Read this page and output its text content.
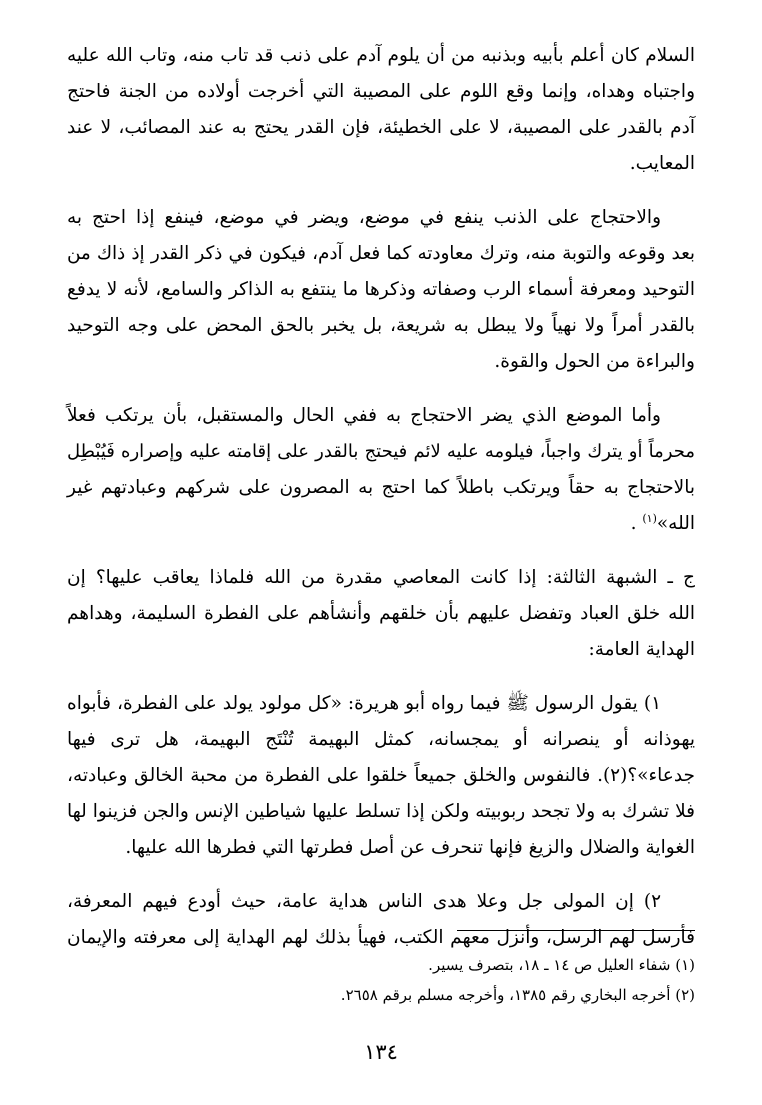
السلام كان أعلم بأبيه وبذنبه من أن يلوم آدم على ذنب قد تاب منه، وتاب الله عليه
واجتباه وهداه، وإنما وقع اللوم على المصيبة التي أخرجت أولاده من الجنة فاحتج
آدم بالقدر على المصيبة، لا على الخطيئة، فإن القدر يحتج به عند المصائب، لا عند
المعايب.

والاحتجاج على الذنب ينفع في موضع، ويضر في موضع، فينفع إذا احتج به
بعد وقوعه والتوبة منه، وترك معاودته كما فعل آدم، فيكون في ذكر القدر إذ ذاك من
التوحيد ومعرفة أسماء الرب وصفاته وذكرها ما ينتفع به الذاكر والسامع، لأنه لا يدفع
بالقدر أمراً ولا نهياً ولا يبطل به شريعة، بل يخبر بالحق المحض على وجه التوحيد
والبراءة من الحول والقوة.

وأما الموضع الذي يضر الاحتجاج به ففي الحال والمستقبل، بأن يرتكب فعلاً
محرماً أو يترك واجباً، فيلومه عليه لائم فيحتج بالقدر على إقامته عليه وإصراره فَيُبْطِل
بالاحتجاج به حقاً ويرتكب باطلاً كما احتج به المصرون على شركهم وعبادتهم غير
الله»$^{(١)}$ .

ج ـ الشبهة الثالثة: إذا كانت المعاصي مقدرة من الله فلماذا يعاقب عليها؟ إن
الله خلق العباد وتفضل عليهم بأن خلقهم وأنشأهم على الفطرة السليمة، وهداهم
الهداية العامة:

١) يقول الرسول ﷺ فيما رواه أبو هريرة: «كل مولود يولد على الفطرة، فأبواه
يهوذانه أو ينصرانه أو يمجسانه، كمثل البهيمة تُنْتَج البهيمة، هل ترى فيها
جدعاء»؟(٢). فالنفوس والخلق جميعاً خلقوا على الفطرة من محبة الخالق وعبادته،
فلا تشرك به ولا تجحد ربوبيته ولكن إذا تسلط عليها شياطين الإنس والجن فزينوا لها
الغواية والضلال والزيغ فإنها تنحرف عن أصل فطرتها التي فطرها الله عليها.

٢) إن المولى جل وعلا هدى الناس هداية عامة، حيث أودع فيهم المعرفة،
فأرسل لهم الرسل، وأنزل معهم الكتب، فهيأ بذلك لهم الهداية إلى معرفته والإيمان

(١) شفاء العليل ص ١٤ ـ ١٨، بتصرف يسير.
(٢) أخرجه البخاري رقم ١٣٨٥، وأخرجه مسلم برقم ٢٦٥٨.
١٣٤
